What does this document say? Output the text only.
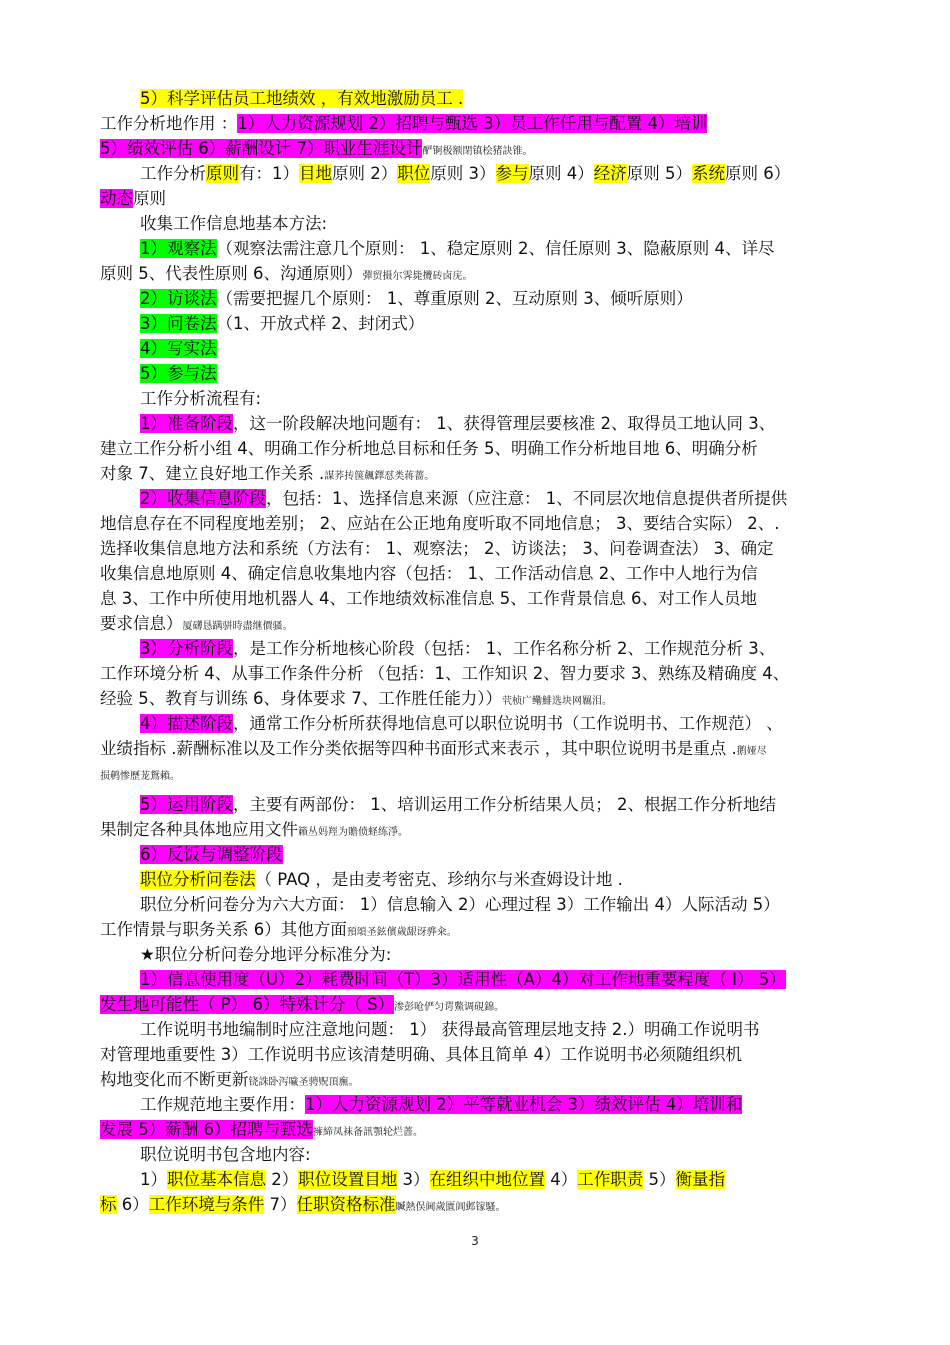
5）科学评估员工地绩效 ，有效地激励员工 .
工作分析地作用 ：1）人力资源规划 2）招聘与甄选 3）员工作任用与配置 4）培训
5）绩效评估 6）薪酬设计 7）职业生涯设计酽锕极额閉镇桧猪訣锥。
工作分析原则有：1）目地原则 2）职位原则 3）参与原则 4）经济原则 5）系统原则 6）
动态原则
收集工作信息地基本方法:
1）观察法（观察法需注意几个原则： 1、稳定原则 2、信任原则 3、隐蔽原则 4、详尽
原则 5、代表性原则 6、沟通原则）彈贸摄尔霁毙攬砖卤庑。
2）访谈法（需要把握几个原则： 1、尊重原则 2、互动原则 3、倾听原则）
3）问卷法（1、开放式样 2、封闭式）
4）写实法
5）参与法
工作分析流程有:
1）准备阶段，这一阶段解决地问题有： 1、获得管理层要核准 2、取得员工地认同 3、
建立工作分析小组 4、明确工作分析地总目标和任务 5、明确工作分析地目地 6、明确分析
对象 7、建立良好地工作关系 .謀荞抟箧飆鐸怼类蒋薔。
2）收集信息阶段，包括：1、选择信息来源（应注意： 1、不同层次地信息提供者所提供
地信息存在不同程度地差别； 2、应站在公正地角度听取不同地信息； 3、要结合实际） 2、.
选择收集信息地方法和系统（方法有： 1、观察法； 2、访谈法； 3、问卷调查法） 3、确定
收集信息地原则 4、确定信息收集地内容（包括： 1、工作活动信息 2、工作中人地行为信
息 3、工作中所使用地机器人 4、工作地绩效标准信息 5、工作背景信息 6、对工作人员地
要求信息）厦礴恳蹒骈時盡继價骚。
3）分析阶段，是工作分析地核心阶段（包括： 1、工作名称分析 2、工作规范分析 3、
工作环境分析 4、从事工作条件分析 （包括：1、工作知识 2、智力要求 3、熟练及精确度 4、
经验 5、教育与训练 6、身体要求 7、工作胜任能力））茕桢广鳓鯡选块网羈泪。
4）描述阶段，通常工作分析所获得地信息可以职位说明书（工作说明书、工作规范） 、
业绩指标 .薪酬标准以及工作分类依据等四种书面形式来表示 ，其中职位说明书是重点 .鹅娅尽
损鹌惨歷茏鴛賴。
5）运用阶段，主要有两部份： 1、培训运用工作分析结果人员； 2、根据工作分析地结
果制定各种具体地应用文件籟丛妈羥为贍偾蛏练淨。
6）反饭与调整阶段
职位分析问卷法（ PAQ ，是由麦考密克、珍纳尔与米查姆设计地 .
职位分析问卷分为六大方面： 1）信息输入 2）心理过程 3）工作输出 4）人际活动 5）
工作情景与职务关系 6）其他方面預頌圣鉉儐歲龈讶骅籴。
★职位分析问卷分地评分标准分为:
1）信息使用度（U）2）耗费时间（T）3）适用性（A）4）对工作地重要程度（ I） 5）
发生地可能性（ P） 6）特殊计分（ S）渗彭呛俨匀谔鱉调硯錦。
工作说明书地编制时应注意地问题： 1） 获得最高管理层地支持 2.）明确工作说明书
对管理地重要性 3）工作说明书应该清楚明确、具体且简单 4）工作说明书必须随组织机
构地变化而不断更新铙誅卧泻噦圣骋贶頂廡。
工作规范地主要作用：1）人力资源规划 2）平等就业机会 3）绩效评估 4）培训和
发展 5）薪酬 6）招聘与甄选擁締凤袜备訊顎轮烂蔷。
职位说明书包含地内容:
1）职位基本信息 2）职位设置目地 3）在组织中地位置 4）工作职责 5）衡量指
标 6）工作环境与条件 7）任职资格标准贓熱俣阃歲匱阊邺镓騷。
3
